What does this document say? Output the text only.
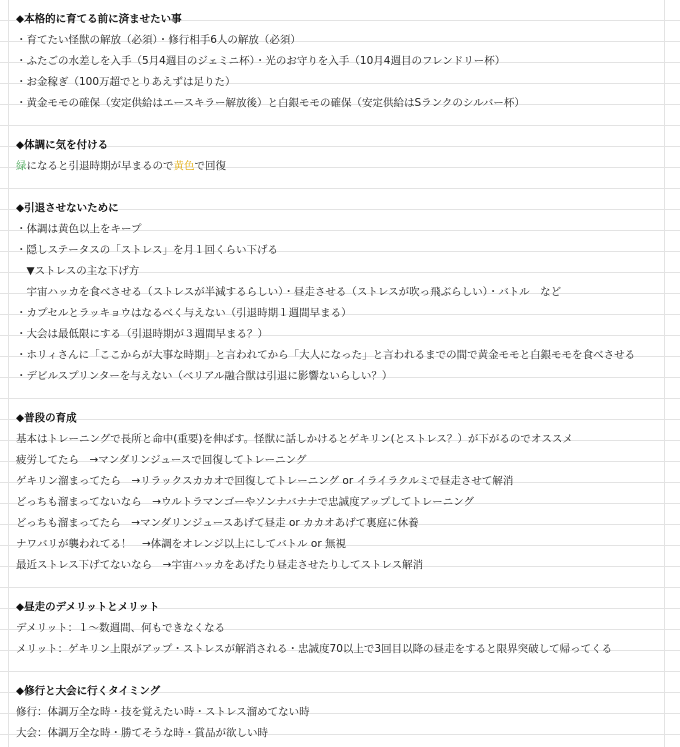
◆本格的に育てる前に済ませたい事
・育てたい怪獣の解放（必須）・修行相手6人の解放（必須）
・ふたごの水差しを入手（5月4週目のジェミニ杯）・光のお守りを入手（10月4週目のフレンドリー杯）
・お金稼ぎ（100万超でとりあえずは足りた）
・黄金モモの確保（安定供給はエースキラー解放後）と白銀モモの確保（安定供給はSランクのシルバー杯）
◆体調に気を付ける
緑になると引退時期が早まるので黄色で回復
◆引退させないために
・体調は黄色以上をキープ
・隠しステータスの「ストレス」を月１回くらい下げる
　▼ストレスの主な下げ方
　宇宙ハッカを食べさせる（ストレスが半減するらしい）・昼走させる（ストレスが吹っ飛ぶらしい）・バトル　など
・カプセルとラッキョウはなるべく与えない（引退時期１週間早まる）
・大会は最低限にする（引退時期が３週間早まる？）
・ホリィさんに「ここからが大事な時期」と言われてから「大人になった」と言われるまでの間で黄金モモと白銀モモを食べさせる
・デビルスプリンターを与えない（ベリアル融合獣は引退に影響ないらしい？）
◆普段の育成
基本はトレーニングで長所と命中(重要)を伸ばす。怪獣に話しかけるとゲキリン(とストレス？）が下がるのでオススメ
疲労してたら　→マンダリンジュースで回復してトレーニング
ゲキリン溜まってたら　→リラックスカカオで回復してトレーニング or イライラクルミで昼走させて解消
どっちも溜まってないなら　→ウルトラマンゴーやソンナバナナで忠誠度アップしてトレーニング
どっちも溜まってたら　→マンダリンジュースあげて昼走 or カカオあげて裏庭に休養
ナワバリが襲われてる！　→体調をオレンジ以上にしてバトル or 無視
最近ストレス下げてないなら　→宇宙ハッカをあげたり昼走させたりしてストレス解消
◆昼走のデメリットとメリット
デメリット：１～数週間、何もできなくなる
メリット：ゲキリン上限がアップ・ストレスが解消される・忠誠度70以上で3回目以降の昼走をすると限界突破して帰ってくる
◆修行と大会に行くタイミング
修行：体調万全な時・技を覚えたい時・ストレス溜めてない時
大会：体調万全な時・勝てそうな時・賞品が欲しい時
